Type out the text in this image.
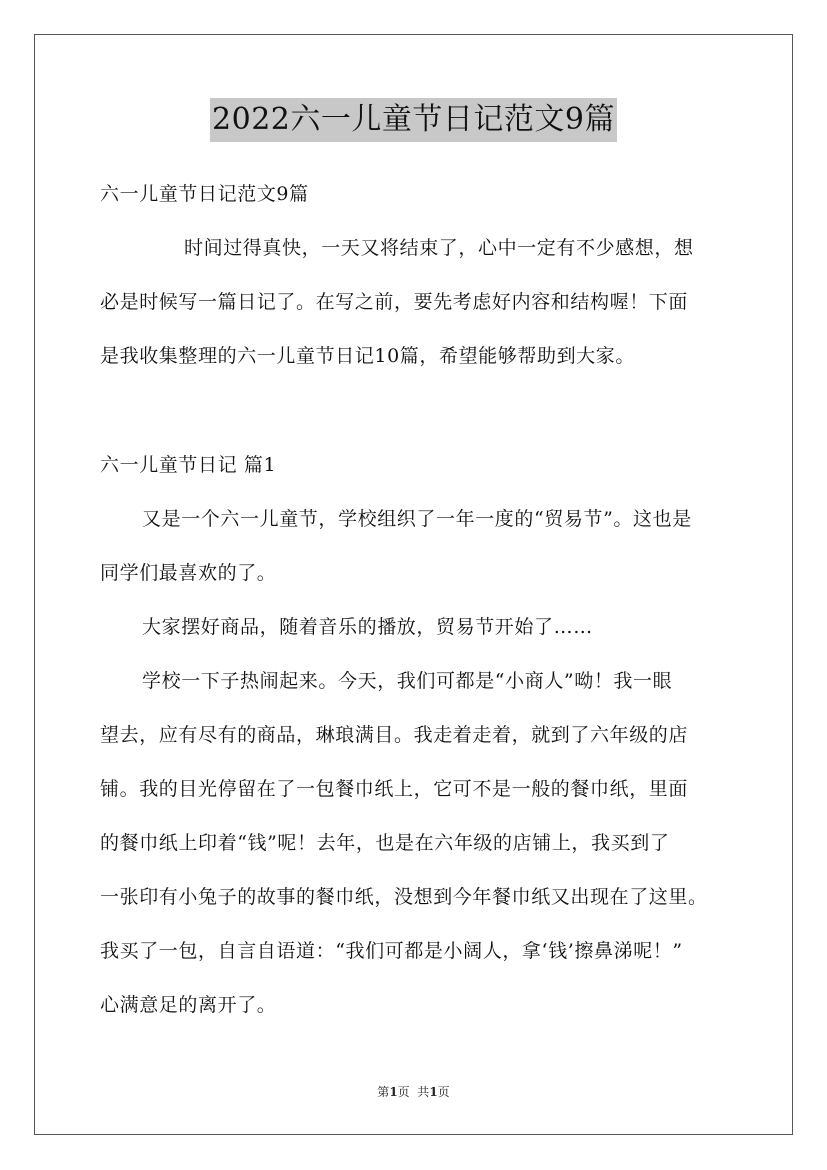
2022六一儿童节日记范文9篇
六一儿童节日记范文9篇
时间过得真快，一天又将结束了，心中一定有不少感想，想
必是时候写一篇日记了。在写之前，要先考虑好内容和结构喔！下面
是我收集整理的六一儿童节日记10篇，希望能够帮助到大家。
六一儿童节日记 篇1
又是一个六一儿童节，学校组织了一年一度的“贸易节”。这也是
同学们最喜欢的了。
大家摆好商品，随着音乐的播放，贸易节开始了……
学校一下子热闹起来。今天，我们可都是“小商人”呦！我一眼
望去，应有尽有的商品，琳琅满目。我走着走着，就到了六年级的店
铺。我的目光停留在了一包餐巾纸上，它可不是一般的餐巾纸，里面
的餐巾纸上印着“钱”呢！去年，也是在六年级的店铺上，我买到了
一张印有小兔子的故事的餐巾纸，没想到今年餐巾纸又出现在了这里。
我买了一包，自言自语道：“我们可都是小阔人，拿‘钱’擦鼻涕呢！”
心满意足的离开了。
第1页  共1页
